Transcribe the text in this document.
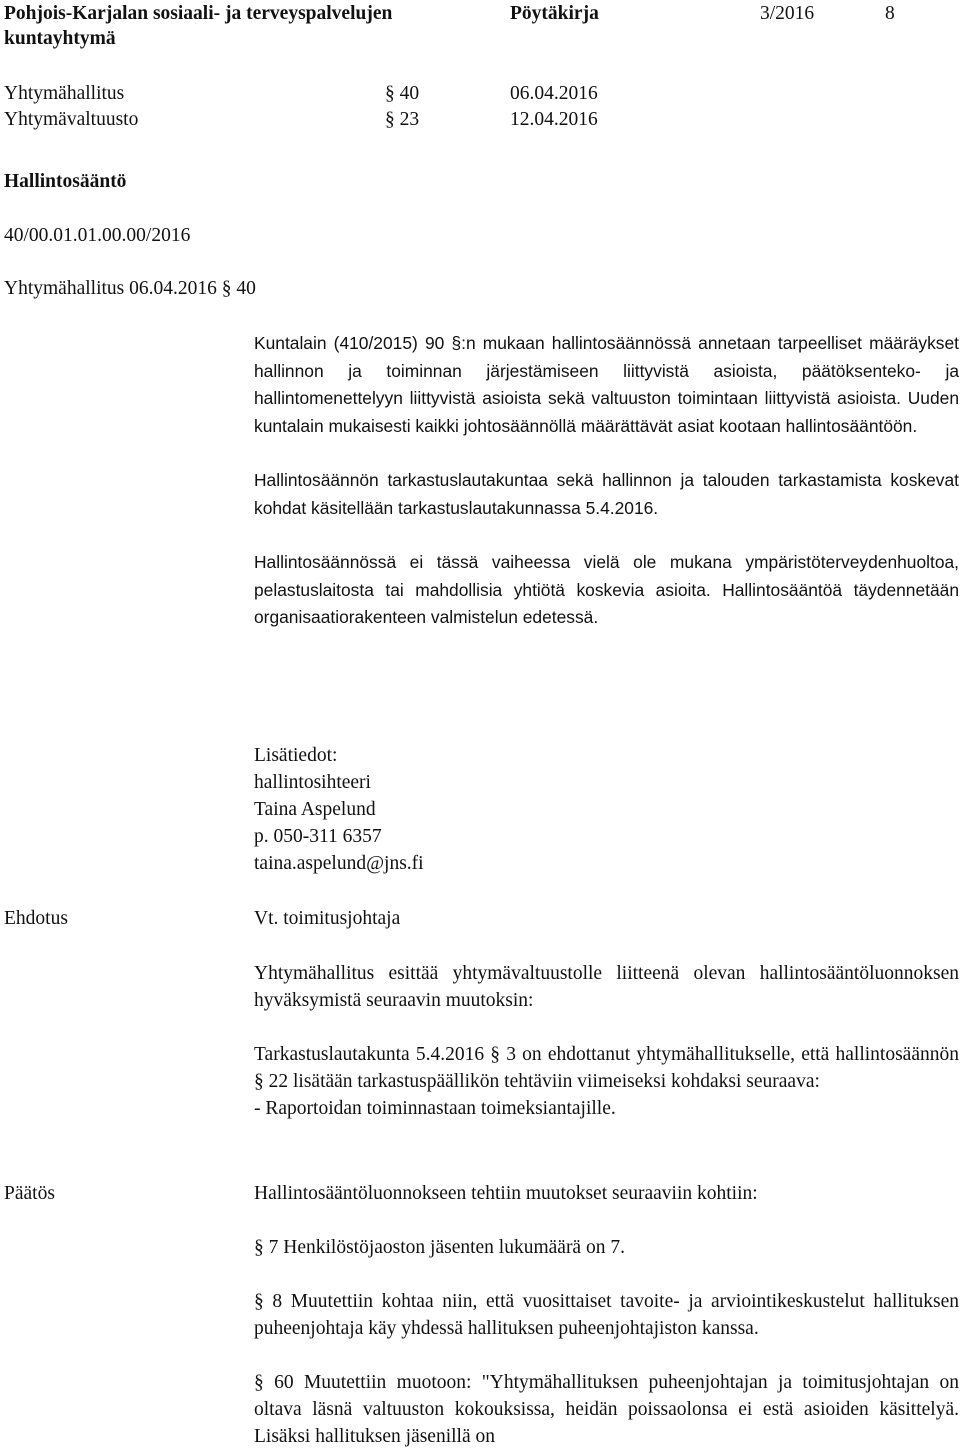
Pohjois-Karjalan sosiaali- ja terveyspalvelujen
kuntayhtymä
Pöytäkirja	3/2016	8
Yhtymähallitus	§ 40	06.04.2016
Yhtymävaltuusto	§ 23	12.04.2016
Hallintosääntö
40/00.01.01.00.00/2016
Yhtymähallitus 06.04.2016 § 40

Kuntalain (410/2015) 90 §:n mukaan hallintosäännössä annetaan tarpeelliset määräykset hallinnon ja toiminnan järjestämiseen liittyvistä asioista, päätöksenteko- ja hallintomenettelyyn liittyvistä asioista sekä valtuuston toimintaan liittyvistä asioista. Uuden kuntalain mukaisesti kaikki johtosäännöllä määrättävät asiat kootaan hallintosääntöön.

Hallintosäännön tarkastuslautakuntaa sekä hallinnon ja talouden tarkastamista koskevat kohdat käsitellään tarkastuslautakunnassa 5.4.2016.

Hallintosäännössä ei tässä vaiheessa vielä ole mukana ympäristöterveydenhuoltoa, pelastuslaitosta tai mahdollisia yhtiötä koskevia asioita. Hallintosääntöä täydennetään organisaatiorakenteen valmistelun edetessä.

Lisätiedot:
hallintosihteeri
Taina Aspelund
p. 050-311 6357
taina.aspelund@jns.fi
Ehdotus	Vt. toimitusjohtaja

Yhtymähallitus esittää yhtymävaltuustolle liitteenä olevan hallintosääntöluonnoksen hyväksymistä seuraavin muutoksin:

Tarkastuslautakunta 5.4.2016 § 3 on ehdottanut yhtymähallitukselle, että hallintosäännön § 22 lisätään tarkastuspäällikön tehtäviin viimeiseksi kohdaksi seuraava:

- Raportoidan toiminnastaan toimeksiantajille.

Päätös	Hallintosääntöluonnokseen tehtiin muutokset seuraaviin kohtiin:

§ 7 Henkilöstöjaoston jäsenten lukumäärä on 7.

§ 8 Muutettiin kohtaa niin, että vuosittaiset tavoite- ja arviointikeskustelut hallituksen puheenjohtaja käy yhdessä hallituksen puheenjohtajiston kanssa.

§ 60 Muutettiin muotoon: "Yhtymähallituksen puheenjohtajan ja toimitusjohtajan on oltava läsnä valtuuston kokouksissa, heidän poissaolonsa ei estä asioiden käsittelyä. Lisäksi hallituksen jäsenillä on
